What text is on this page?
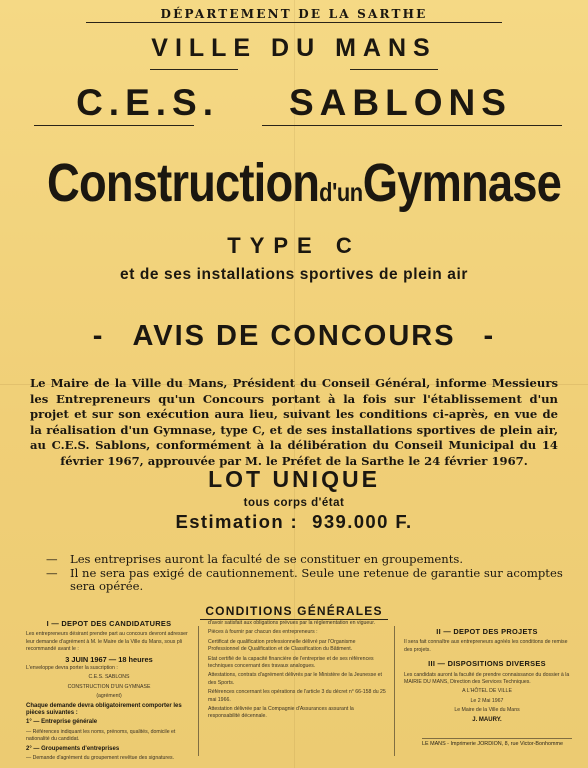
DÉPARTEMENT DE LA SARTHE
VILLE DU MANS
C.E.S. SABLONS
Constructiond'unGymnase
TYPE C
et de ses installations sportives de plein air
- AVIS DE CONCOURS -
Le Maire de la Ville du Mans, Président du Conseil Général, informe Messieurs les Entrepreneurs qu'un Concours portant à la fois sur l'établissement d'un projet et sur son exécution aura lieu, suivant les conditions ci-après, en vue de la réalisation d'un Gymnase, type C, et de ses installations sportives de plein air, au C.E.S. Sablons, conformément à la délibération du Conseil Municipal du 14 février 1967, approuvée par M. le Préfet de la Sarthe le 24 février 1967.
LOT UNIQUE
tous corps d'état
Estimation : 939.000 F.
— Les entreprises auront la faculté de se constituer en groupements.
— Il ne sera pas exigé de cautionnement. Seule une retenue de garantie sur acomptes sera opérée.
CONDITIONS GÉNÉRALES
I — DEPOT DES CANDIDATURES

Les entrepreneurs désirant prendre part au concours devront adresser leur demande d'agrément à M. le Maire de la Ville du Mans, sous pli recommandé avant le :

3 JUIN 1967 — 18 heures

L'enveloppe devra porter la suscription :

C.E.S. SABLONS

CONSTRUCTION D'UN GYMNASE

(agrément)

Chaque demande devra obligatoirement comporter les pièces suivantes :

1° — Entreprise générale

— Références indiquant les noms, prénoms, qualités, domicile et nationalité du candidat.

2° — Groupements d'entreprises

— Demande d'agrément du groupement revêtue des signatures.

d'avoir satisfait aux obligations prévues par la réglementation en vigueur.

Pièces à fournir par chacun des entrepreneurs :

Certificat de qualification professionnelle délivré par l'Organisme Professionnel de Qualification et de Classification du Bâtiment.

Etat certifié de la capacité financière de l'entreprise et de ses références techniques concernant des travaux analogues.

Attestations, contrats d'agrément délivrés par le Ministère de la Jeunesse et des Sports.

Références concernant les opérations de l'article 3 du décret n° 66-158 du 25 mai 1966.

Attestation délivrée par la Compagnie d'Assurances assurant la responsabilité décennale.

II — DEPOT DES PROJETS

Il sera fait connaître aux entrepreneurs agréés les conditions de remise des projets.

III — DISPOSITIONS DIVERSES

Les candidats auront la faculté de prendre connaissance du dossier à la MAIRIE DU MANS, Direction des Services Techniques.

A L'HÔTEL DE VILLE

Le 2 Mai 1967

Le Maire de la Ville du Mans

J. MAURY.

LE MANS - Imprimerie JORDION, 8, rue Victor-Bonhomme
